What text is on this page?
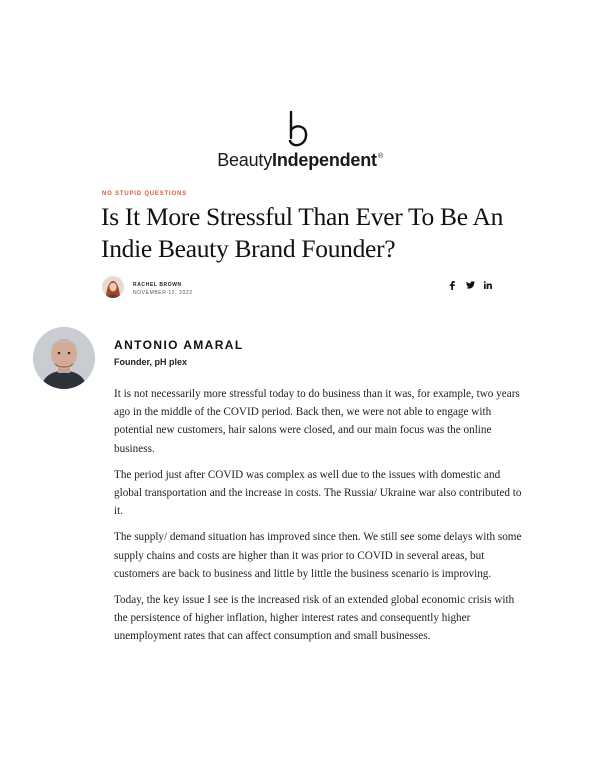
BeautyIndependent®
NO STUPID QUESTIONS
Is It More Stressful Than Ever To Be An Indie Beauty Brand Founder?
RACHEL BROWN
NOVEMBER 12, 2022
ANTONIO AMARAL
Founder, pH plex

It is not necessarily more stressful today to do business than it was, for example, two years ago in the middle of the COVID period. Back then, we were not able to engage with potential new customers, hair salons were closed, and our main focus was the online business.

The period just after COVID was complex as well due to the issues with domestic and global transportation and the increase in costs. The Russia/ Ukraine war also contributed to it.

The supply/ demand situation has improved since then. We still see some delays with some supply chains and costs are higher than it was prior to COVID in several areas, but customers are back to business and little by little the business scenario is improving.

Today, the key issue I see is the increased risk of an extended global economic crisis with the persistence of higher inflation, higher interest rates and consequently higher unemployment rates that can affect consumption and small businesses.
